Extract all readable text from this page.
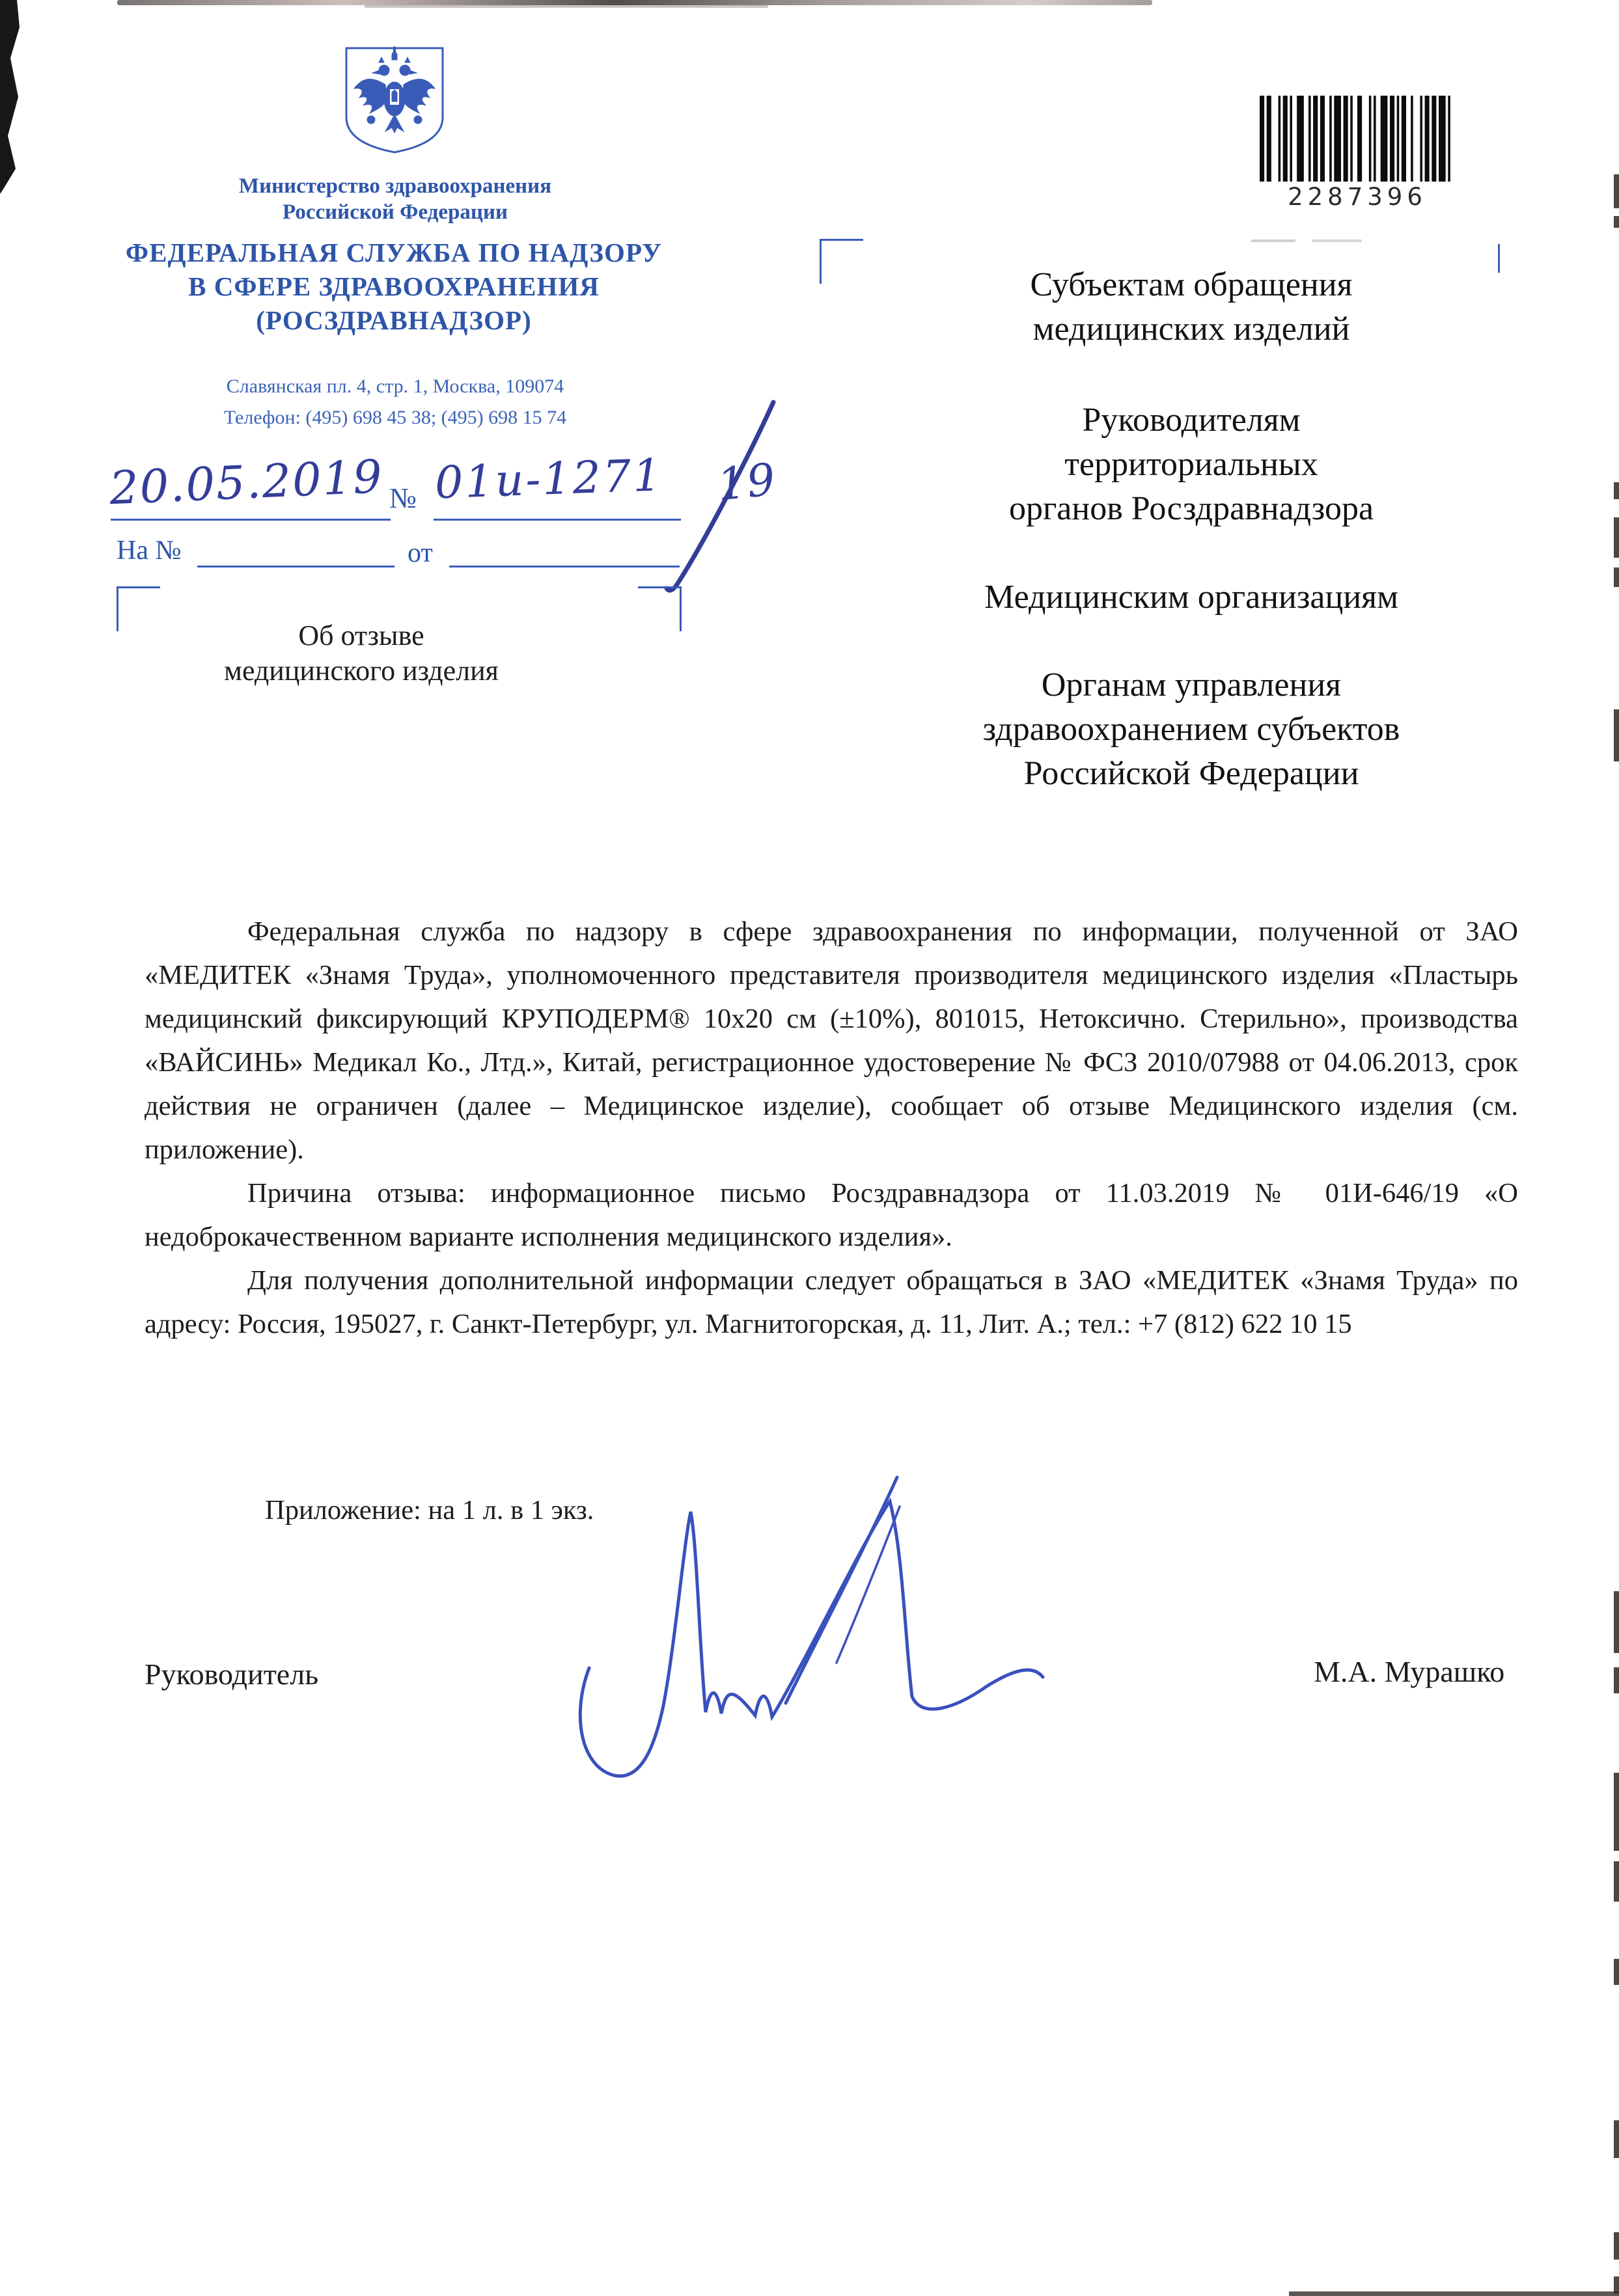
Министерство здравоохранения
Российской Федерации
ФЕДЕРАЛЬНАЯ СЛУЖБА ПО НАДЗОРУ
В СФЕРЕ ЗДРАВООХРАНЕНИЯ
(РОСЗДРАВНАДЗОР)
Славянская пл. 4, стр. 1, Москва, 109074
Телефон: (495) 698 45 38; (495) 698 15 74
20.05.2019 № 01и-1271	19
На №	от
Об отзыве
медицинского изделия
2287396
Субъектам обращения
медицинских изделий
Руководителям
территориальных
органов Росздравнадзора
Медицинским организациям
Органам управления
здравоохранением субъектов
Российской Федерации

Федеральная служба по надзору в сфере здравоохранения по информации, полученной от ЗАО «МЕДИТЕК «Знамя Труда», уполномоченного представителя производителя медицинского изделия «Пластырь медицинский фиксирующий КРУПОДЕРМ® 10х20 см (±10%), 801015, Нетоксично. Стерильно», производства «ВАЙСИНЬ» Медикал Ко., Лтд.», Китай, регистрационное удостоверение № ФСЗ 2010/07988 от 04.06.2013, срок действия не ограничен (далее – Медицинское изделие), сообщает об отзыве Медицинского изделия (см. приложение).

Причина отзыва: информационное письмо Росздравнадзора от 11.03.2019 № 01И-646/19 «О недоброкачественном варианте исполнения медицинского изделия».

Для получения дополнительной информации следует обращаться в ЗАО «МЕДИТЕК «Знамя Труда» по адресу: Россия, 195027, г. Санкт-Петербург, ул. Магнитогорская, д. 11, Лит. А.; тел.: +7 (812) 622 10 15

Приложение: на 1 л. в 1 экз.
Руководитель	М.А. Мурашко
